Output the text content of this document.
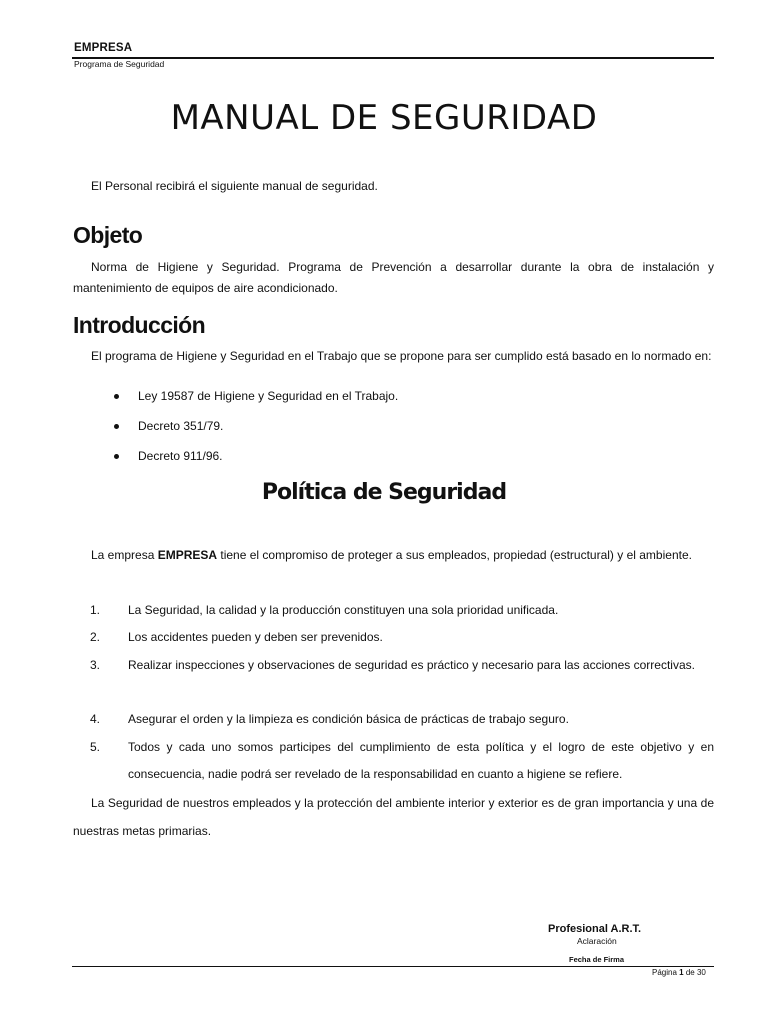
EMPRESA
Programa de Seguridad
MANUAL DE SEGURIDAD

El Personal recibirá el siguiente manual de seguridad.

Objeto

Norma de Higiene y Seguridad. Programa de Prevención a desarrollar durante la obra de instalación y mantenimiento de equipos de aire acondicionado.

Introducción

El programa de Higiene y Seguridad en el Trabajo que se propone para ser cumplido está basado en lo normado en:

Ley 19587 de Higiene y Seguridad en el Trabajo.
Decreto 351/79.
Decreto 911/96.
Política de Seguridad

La empresa EMPRESA tiene el compromiso de proteger a sus empleados, propiedad (estructural) y el ambiente.

1. La Seguridad, la calidad y la producción constituyen una sola prioridad unificada.
2. Los accidentes pueden y deben ser prevenidos.
3. Realizar inspecciones y observaciones de seguridad es práctico y necesario para las acciones correctivas.
4. Asegurar el orden y la limpieza es condición básica de prácticas de trabajo seguro.
5. Todos y cada uno somos participes del cumplimiento de esta política y el logro de este objetivo y en consecuencia, nadie podrá ser revelado de la responsabilidad en cuanto a higiene se refiere.

La Seguridad de nuestros empleados y la protección del ambiente interior y exterior es de gran importancia y una de nuestras metas primarias.

Profesional A.R.T.
Aclaración
Fecha de Firma
Página 1 de 30
